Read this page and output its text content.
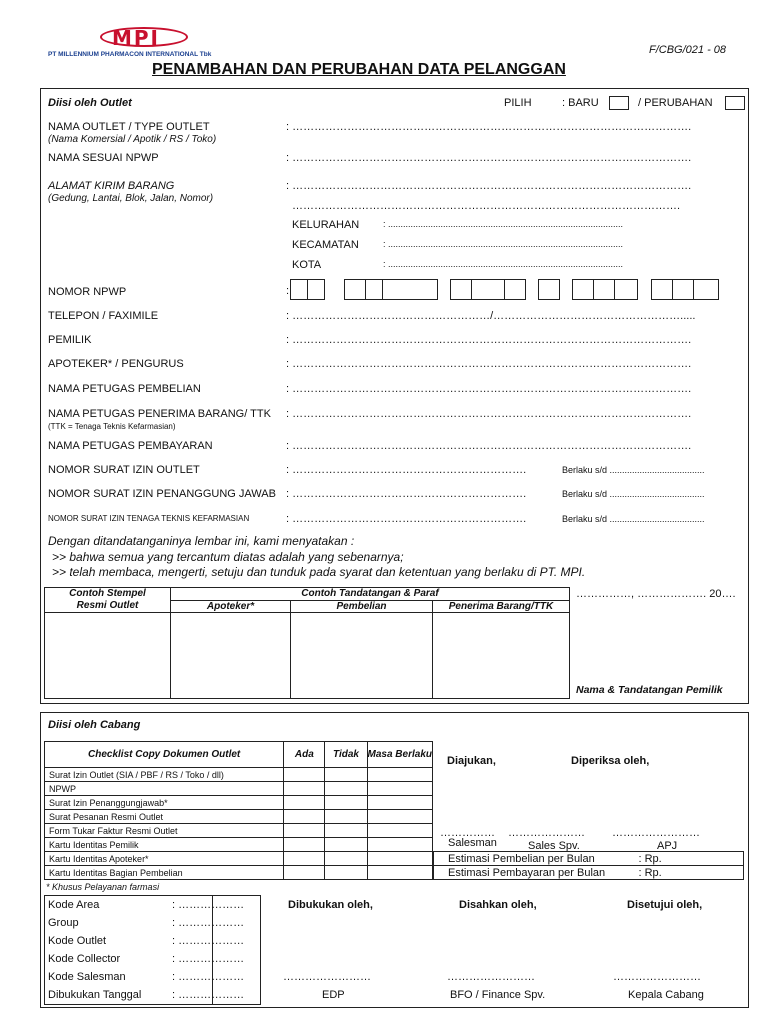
MPI
PT MILLENNIUM PHARMACON INTERNATIONAL Tbk	F/CBG/021 - 08
PENAMBAHAN DAN PERUBAHAN DATA PELANGGAN
Diisi oleh Outlet	PILIH	: BARU	/ PERUBAHAN
NAMA OUTLET / TYPE OUTLET
(Nama Komersial / Apotik / RS / Toko)
: ……………………………………………………………………………………………….
NAMA SESUAI NPWP	: ……………………………………………………………………………………………….
ALAMAT KIRIM BARANG
(Gedung, Lantai, Blok, Jalan, Nomor)
: ……………………………………………………………………………………………….
…………………………………………………………………………………………….
KELURAHAN	: ..............................................................................................
KECAMATAN	: ..............................................................................................
KOTA	: ..............................................................................................
NOMOR NPWP	:
TELEPON / FAXIMILE	: ………………………………………………/…………………………………………….....
PEMILIK	: ……………………………………………………………………………………………….
APOTEKER* / PENGURUS	: ……………………………………………………………………………………………….
NAMA PETUGAS PEMBELIAN	: ……………………………………………………………………………………………….
NAMA PETUGAS PENERIMA BARANG/ TTK
(TTK = Tenaga Teknis Kefarmasian)
: ……………………………………………………………………………………………….
NAMA PETUGAS PEMBAYARAN	: ……………………………………………………………………………………………….
NOMOR SURAT IZIN OUTLET	: ……………………………………………………….	Berlaku s/d ......................................
NOMOR SURAT IZIN PENANGGUNG JAWAB : ……………………………………………………….	Berlaku s/d ......................................
NOMOR SURAT IZIN TENAGA TEKNIS KEFARMASIAN	: ……………………………………………………….	Berlaku s/d ......................................
Dengan ditandatanganinya lembar ini, kami menyatakan :
>> bahwa semua yang tercantum diatas adalah yang sebenarnya;
>> telah membaca, mengerti, setuju dan tunduk pada syarat dan ketentuan yang berlaku di PT. MPI.
Contoh Stempel
Resmi Outlet	Contoh Tandatangan & Paraf		
	Apoteker*	Pembelian	Penerima Barang/TTK

……………, ………………. 20….
Nama & Tandatangan Pemilik
Diisi oleh Cabang
Checklist Copy Dokumen Outlet	Ada	Tidak	Masa Berlaku
Surat Izin Outlet (SIA / PBF / RS / Toko / dll)			
NPWP			
Surat Izin Penanggungjawab*			
Surat Pesanan Resmi Outlet			
Form Tukar Faktur Resmi Outlet			
Kartu Identitas Pemilik			
Kartu Identitas Apoteker*			
Kartu Identitas Bagian Pembelian			
* Khusus Pelayanan farmasi
Diajukan,	Diperiksa oleh,
…………… ………………… ……………………
Salesman	Sales Spv.	APJ
Estimasi Pembelian per Bulan	: Rp.
Estimasi Pembayaran per Bulan	: Rp.
Kode Area	: ………………
Group	: ………………
Kode Outlet	: ………………
Kode Collector	: ………………
Kode Salesman	: ………………
Dibukukan Tanggal	: ………………
Dibukukan oleh,	Disahkan oleh,	Disetujui oleh,
……………………	……………………	……………………
EDP	BFO / Finance Spv.	Kepala Cabang
